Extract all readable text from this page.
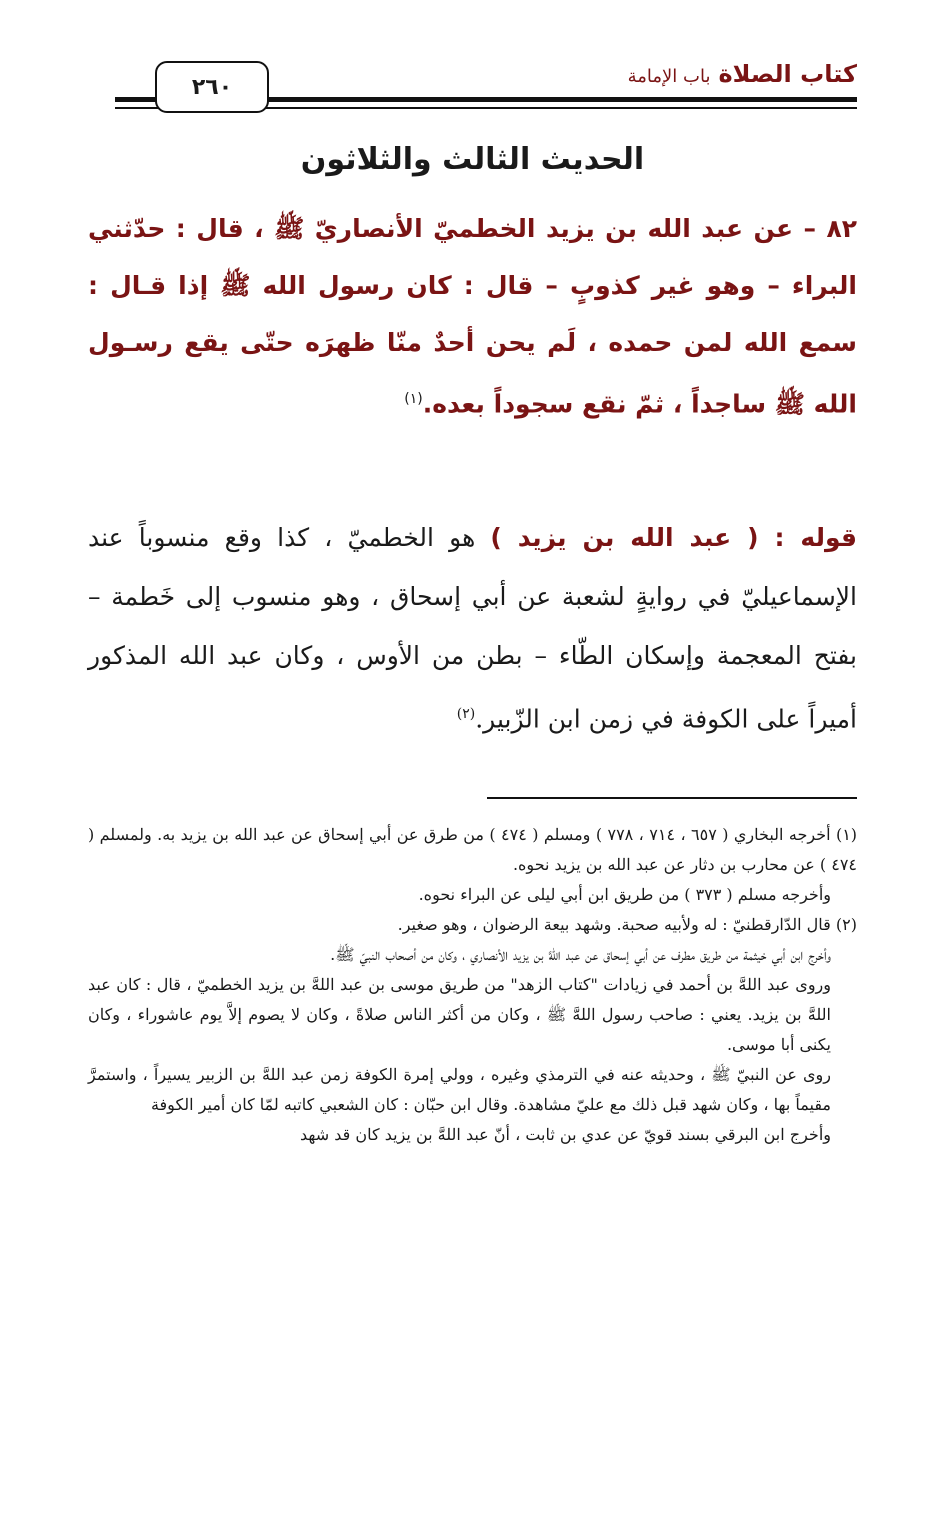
كتاب الصلاةباب الإمامة
٢٦٠
الحديث الثالث والثلاثون

٨٢ – عن عبد الله بن يزيد الخطميّ الأنصاريّ ﷺ ، قال : حدّثني البراء – وهو غير كذوبٍ – قال : كان رسول الله ﷺ إذا قـال : سمع الله لمن حمده ، لَم يحن أحدٌ منّا ظهرَه حتّى يقع رسـول الله ﷺ ساجداً ، ثمّ نقع سجوداً بعده.$^{(١)}$

قوله : ( عبد الله بن يزيد ) هو الخطميّ ، كذا وقع منسوباً عند الإسماعيليّ في روايةٍ لشعبة عن أبي إسحاق ، وهو منسوب إلى خَطمة – بفتح المعجمة وإسكان الطّاء – بطن من الأوس ، وكان عبد الله المذكور أميراً على الكوفة في زمن ابن الزّبير.$^{(٢)}$

(١) أخرجه البخاري ( ٦٥٧ ، ٧١٤ ، ٧٧٨ ) ومسلم ( ٤٧٤ ) من طرق عن أبي إسحاق عن عبد الله بن يزيد به. ولمسلم ( ٤٧٤ ) عن محارب بن دثار عن عبد الله بن يزيد نحوه.

وأخرجه مسلم ( ٣٧٣ ) من طريق ابن أبي ليلى عن البراء نحوه.

(٢) قال الدّارقطنيّ : له ولأبيه صحبة. وشهد بيعة الرضوان ، وهو صغير.

وأخرج ابن أبي خيثمة من طريق مطرف عن أبي إسحاق عن عبد اللهَّ بن يزيد الأنصاري ، وكان من أصحاب النبيّ ﷺ.

وروى عبد اللهَّ بن أحمد في زيادات "كتاب الزهد" من طريق موسى بن عبد اللهَّ بن يزيد الخطميّ ، قال : كان عبد اللهَّ بن يزيد. يعني : صاحب رسول اللهَّ ﷺ ، وكان من أكثر الناس صلاةً ، وكان لا يصوم إلاَّ يوم عاشوراء ، وكان يكنى أبا موسى.

روى عن النبيّ ﷺ ، وحديثه عنه في الترمذي وغيره ، وولي إمرة الكوفة زمن عبد اللهَّ بن الزبير يسيراً ، واستمرَّ مقيماً بها ، وكان شهد قبل ذلك مع عليّ مشاهدة. وقال ابن حبّان : كان الشعبي كاتبه لمّا كان أمير الكوفة

وأخرج ابن البرقي بسند قويّ عن عدي بن ثابت ، أنّ عبد اللهَّ بن يزيد كان قد شهد
